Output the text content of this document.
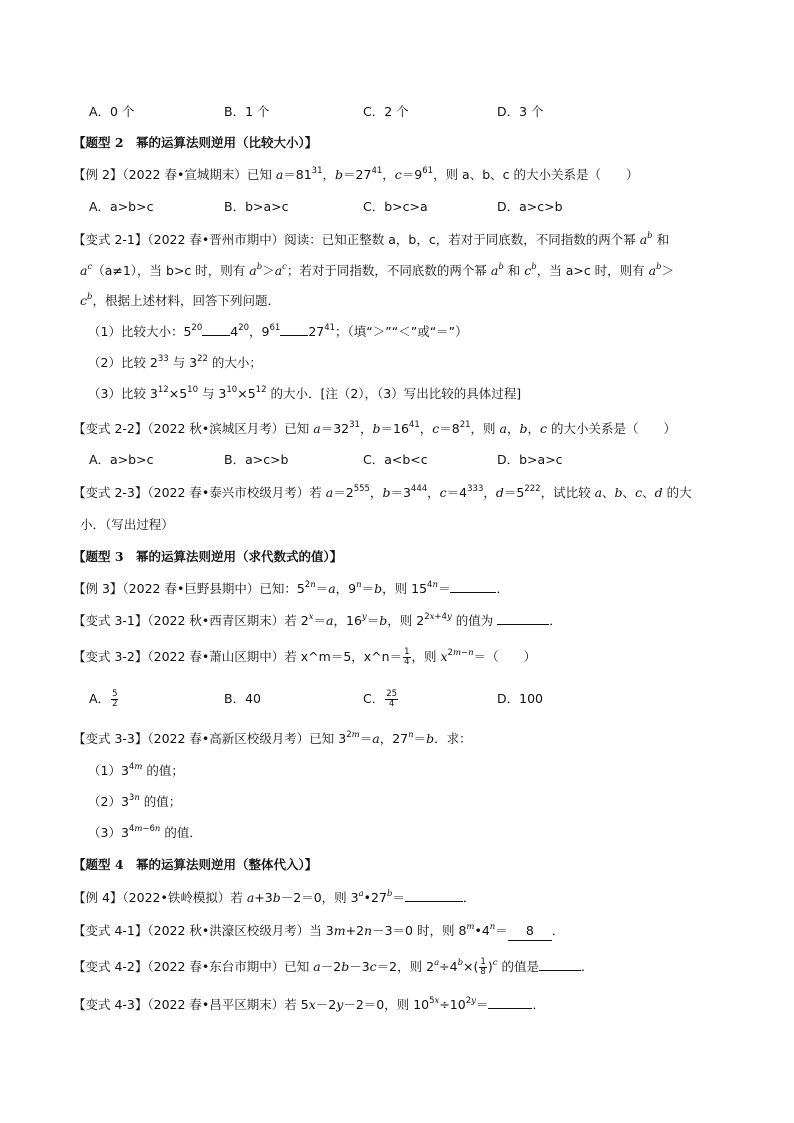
A．0 个	B．1 个	C．2 个	D．3 个
【题型 2　幂的运算法则逆用（比较大小）】
【例 2】（2022 春•宣城期末）已知 $a=81^{31}$，$b=27^{41}$，$c=9^{61}$，则 a、b、c 的大小关系是（　　）
A．a>b>c	B．b>a>c	C．b>c>a	D．a>c>b
【变式 2-1】（2022 春•晋州市期中）阅读：已知正整数 a，b，c，若对于同底数，不同指数的两个幂 $a^b$ 和
$a^c(a\ne 1)$，当 b>c 时，则有 $a^b>a^c$；若对于同指数，不同底数的两个幂 $a^b$ 和 $c^b$，当 a>c 时，则有 $a^b>$
$c^b$，根据上述材料，回答下列问题．
（1）比较大小：$5^{20}$ $4^{20}$，$9^{61}$ $27^{41}$；（填“＞”“＜”或“＝”）
（2）比较 $2^{33}$ 与 $3^{22}$ 的大小；
（3）比较 $3^{12}\times 5^{10}$ 与 $3^{10}\times 5^{12}$ 的大小．[注（2），（3）写出比较的具体过程]
【变式 2-2】（2022 秋•滨城区月考）已知 $a=32^{31}$，$b=16^{41}$，$c=8^{21}$，则 a，b，c 的大小关系是（　　）
A．a>b>c	B．a>c>b	C．a<b<c	D．b>a>c
【变式 2-3】（2022 春•泰兴市校级月考）若 $a=2^{555}$，$b=3^{444}$，$c=4^{333}$，$d=5^{222}$，试比较 a、b、c、d 的大
小．（写出过程）
【题型 3　幂的运算法则逆用（求代数式的值）】
【例 3】（2022 春•巨野县期中）已知：$5^{2n}=a$，$9^n=b$，则 $15^{4n}=$	．
【变式 3-1】（2022 秋•西青区期末）若 $2^x=a$，$16^y=b$，则 $2^{2x+4y}$ 的值为	．
【变式 3-2】（2022 春•萧山区期中）若 x^m＝5，x^n＝ $\frac{1}{4}$ ，则 $x^{2m-n}=$（　　）
A． $\frac{5}{2}$	B．40	C． $\frac{25}{4}$	D．100
【变式 3-3】（2022 春•高新区校级月考）已知 $3^{2m}=a$，$27^n=b$．求：
$(1)3^{4m}$ 的值；
$(2)3^{3n}$ 的值；
$(3)3^{4m-6n}$ 的值．
【题型 4　幂的运算法则逆用（整体代入）】
【例 4】（2022•铁岭模拟）若 a+3b－2＝0，则 $3^a•27^b=$	．
【变式 4-1】（2022 秋•洪濠区校级月考）当 3m+2n－3＝0 时，则 $8^m•4^n= 8$ ．
【变式 4-2】（2022 春•东台市期中）已知 a－2b－3c＝2，则 $2^a\div 4^b\times( \frac{1}{8} )^c$ 的值是	．
【变式 4-3】（2022 春•昌平区期末）若 5x－2y－2＝0，则 $10^{5x}\div 10^{2y}=$	．
